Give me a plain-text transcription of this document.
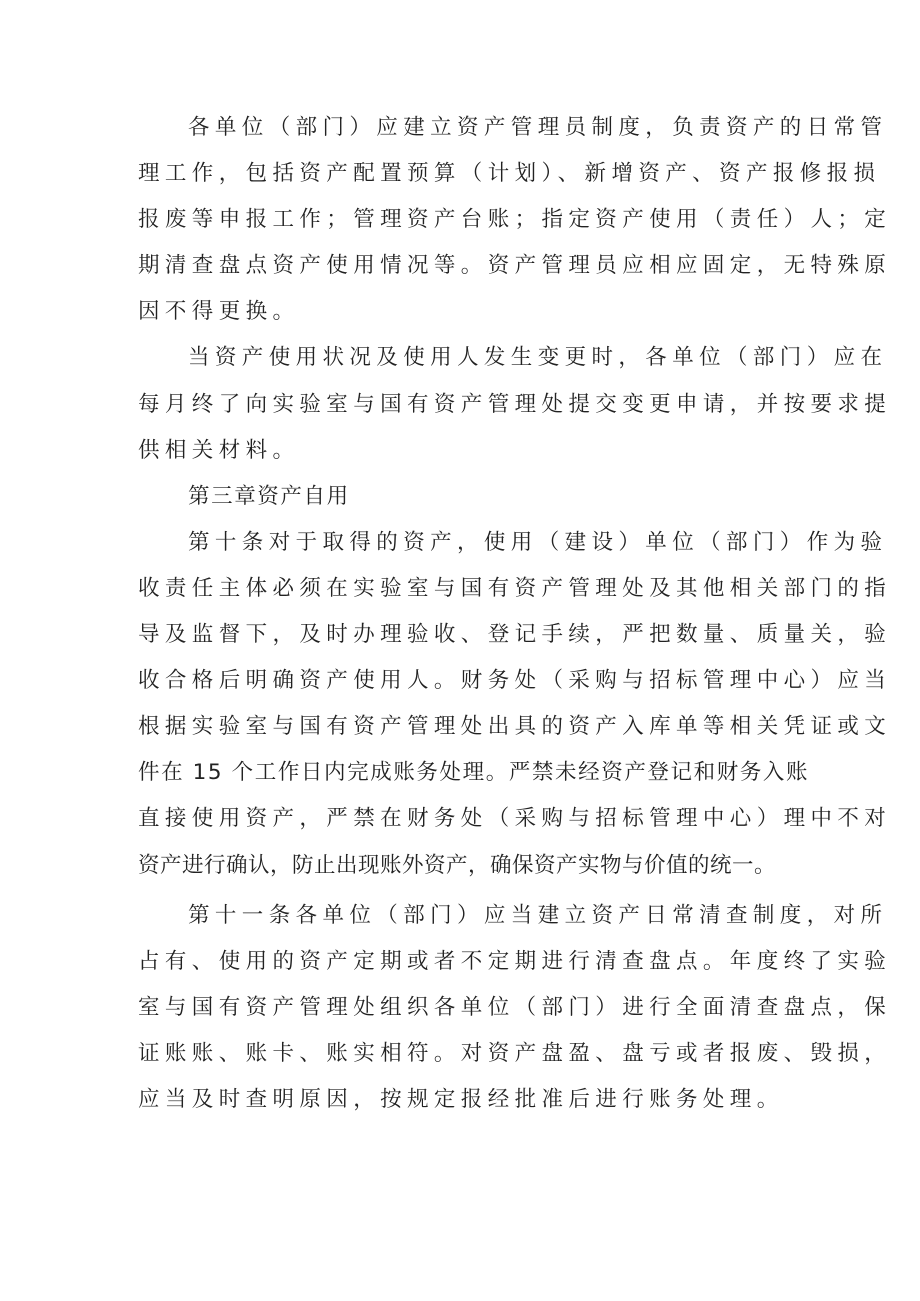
各单位（部门）应建立资产管理员制度，负责资产的日常管
理工作，包括资产配置预算（计划）、新增资产、资产报修报损
报废等申报工作；管理资产台账；指定资产使用（责任）人；定
期清查盘点资产使用情况等。资产管理员应相应固定，无特殊原
因不得更换。
当资产使用状况及使用人发生变更时，各单位（部门）应在
每月终了向实验室与国有资产管理处提交变更申请，并按要求提
供相关材料。
第三章资产自用
第十条对于取得的资产，使用（建设）单位（部门）作为验
收责任主体必须在实验室与国有资产管理处及其他相关部门的指
导及监督下，及时办理验收、登记手续，严把数量、质量关，验
收合格后明确资产使用人。财务处（采购与招标管理中心）应当
根据实验室与国有资产管理处出具的资产入库单等相关凭证或文
件在 15 个工作日内完成账务处理。严禁未经资产登记和财务入账
直接使用资产，严禁在财务处（采购与招标管理中心）理中不对
资产进行确认，防止出现账外资产，确保资产实物与价值的统一。
第十一条各单位（部门）应当建立资产日常清查制度，对所
占有、使用的资产定期或者不定期进行清查盘点。年度终了实验
室与国有资产管理处组织各单位（部门）进行全面清查盘点，保
证账账、账卡、账实相符。对资产盘盈、盘亏或者报废、毁损，
应当及时查明原因，按规定报经批准后进行账务处理。
